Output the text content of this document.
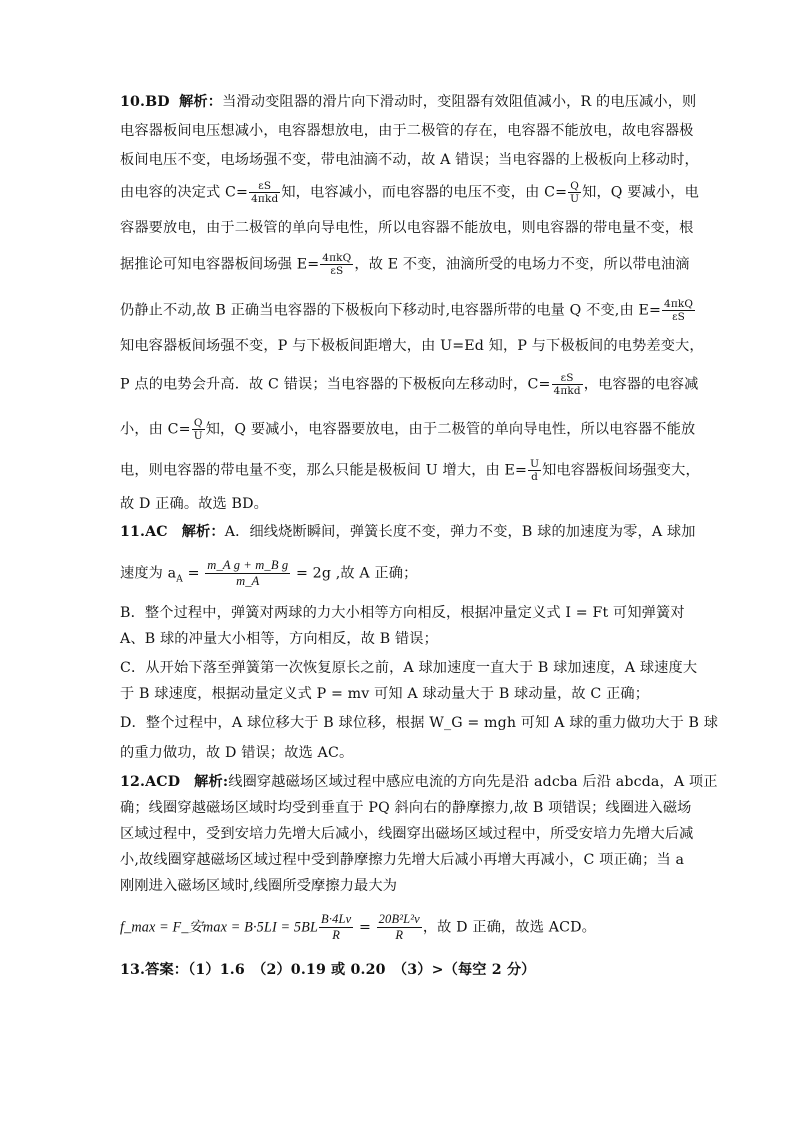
10.BD 解析：当滑动变阻器的滑片向下滑动时，变阻器有效阻值减小，R 的电压减小，则
电容器板间电压想减小，电容器想放电，由于二极管的存在，电容器不能放电，故电容器极
板间电压不变，电场场强不变，带电油滴不动，故 A 错误；当电容器的上极板向上移动时，
由电容的决定式 $C= \frac{\varepsilon S}{\text{4πkd}}$ 知，电容减小，而电容器的电压不变，由 $C= \frac{Q}{U}$ 知，Q 要减小，电
容器要放电，由于二极管的单向导电性，所以电容器不能放电，则电容器的带电量不变，根
据推论可知电容器板间场强 $E= \frac{\text{4πkQ}}{\varepsilon S}$ ，故 E 不变，油滴所受的电场力不变，所以带电油滴
仍静止不动,故 B 正确当电容器的下极板向下移动时,电容器所带的电量 Q 不变,由 $E= \frac{\text{4πkQ}}{\varepsilon S}$
知电容器板间场强不变，P 与下极板间距增大，由 U=Ed 知，P 与下极板间的电势差变大，
P 点的电势会升高．故 C 错误；当电容器的下极板向左移动时，$C= \frac{\varepsilon S}{\text{4πkd}}$ ，电容器的电容减
小，由 $C= \frac{Q}{U}$ 知，Q 要减小，电容器要放电，由于二极管的单向导电性，所以电容器不能放
电，则电容器的带电量不变，那么只能是极板间 U 增大，由 $E= \frac{U}{d}$ 知电容器板间场强变大，
故 D 正确。故选 BD。
11.AC 解析：A．细线烧断瞬间，弹簧长度不变，弹力不变，B 球的加速度为零，A 球加
速度为 $a_A = \frac{\text{m\_A g + m\_B g}}{m\_A} = 2g$ ,故 A 正确；
B．整个过程中，弹簧对两球的力大小相等方向相反，根据冲量定义式 I = Ft 可知弹簧对
A、B 球的冲量大小相等，方向相反，故 B 错误；
C．从开始下落至弹簧第一次恢复原长之前，A 球加速度一直大于 B 球加速度，A 球速度大
于 B 球速度，根据动量定义式 P = mv 可知 A 球动量大于 B 球动量，故 C 正确；
D．整个过程中，A 球位移大于 B 球位移，根据 W_G = mgh 可知 A 球的重力做功大于 B 球
的重力做功，故 D 错误；故选 AC。
12.ACD 解析:线圈穿越磁场区域过程中感应电流的方向先是沿 adcba 后沿 abcda，A 项正
确；线圈穿越磁场区域时均受到垂直于 PQ 斜向右的静摩擦力,故 B 项错误；线圈进入磁场
区域过程中，受到安培力先增大后减小，线圈穿出磁场区域过程中，所受安培力先增大后减
小,故线圈穿越磁场区域过程中受到静摩擦力先增大后减小再增大再减小，C 项正确；当 a
刚刚进入磁场区域时,线圈所受摩擦力最大为
f_max = F_安$\max = B\cdot 5LI = 5BL \frac{B\cdot 4Lv}{R} = \frac{\text{20B²L²v}}{R}$ ，故 D 正确，故选 ACD。
13.答案：（1）1.6　（2）0.19 或 0.20　（3）>（每空 2 分）
